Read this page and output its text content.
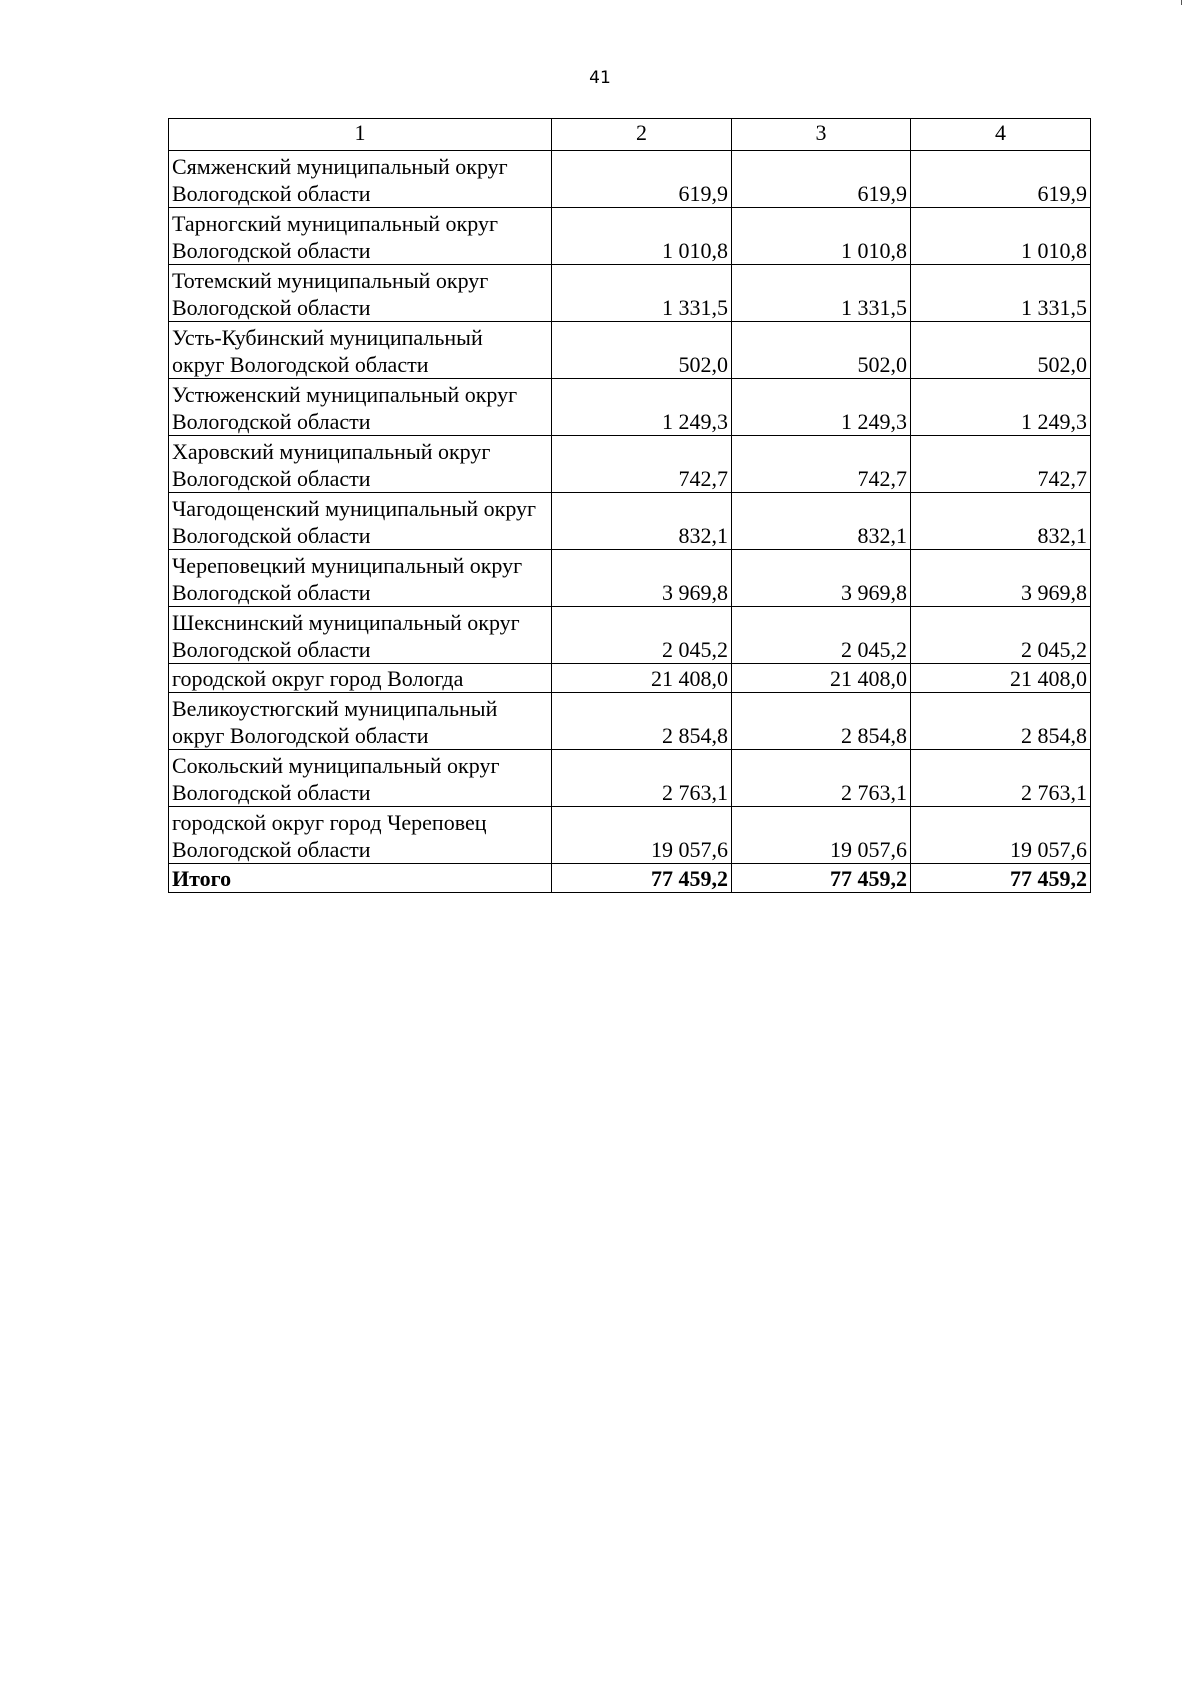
41
1	2	3	4
Сямженский муниципальный округ
Вологодской области	619,9	619,9	619,9
Тарногский муниципальный округ
Вологодской области	1 010,8	1 010,8	1 010,8
Тотемский муниципальный округ
Вологодской области	1 331,5	1 331,5	1 331,5
Усть-Кубинский муниципальный
округ Вологодской области	502,0	502,0	502,0
Устюженский муниципальный округ
Вологодской области	1 249,3	1 249,3	1 249,3
Харовский муниципальный округ
Вологодской области	742,7	742,7	742,7
Чагодощенский муниципальный округ
Вологодской области	832,1	832,1	832,1
Череповецкий муниципальный округ
Вологодской области	3 969,8	3 969,8	3 969,8
Шекснинский муниципальный округ
Вологодской области	2 045,2	2 045,2	2 045,2
городской округ город Вологда	21 408,0	21 408,0	21 408,0
Великоустюгский муниципальный
округ Вологодской области	2 854,8	2 854,8	2 854,8
Сокольский муниципальный округ
Вологодской области	2 763,1	2 763,1	2 763,1
городской округ город Череповец
Вологодской области	19 057,6	19 057,6	19 057,6
Итого	77 459,2	77 459,2	77 459,2
